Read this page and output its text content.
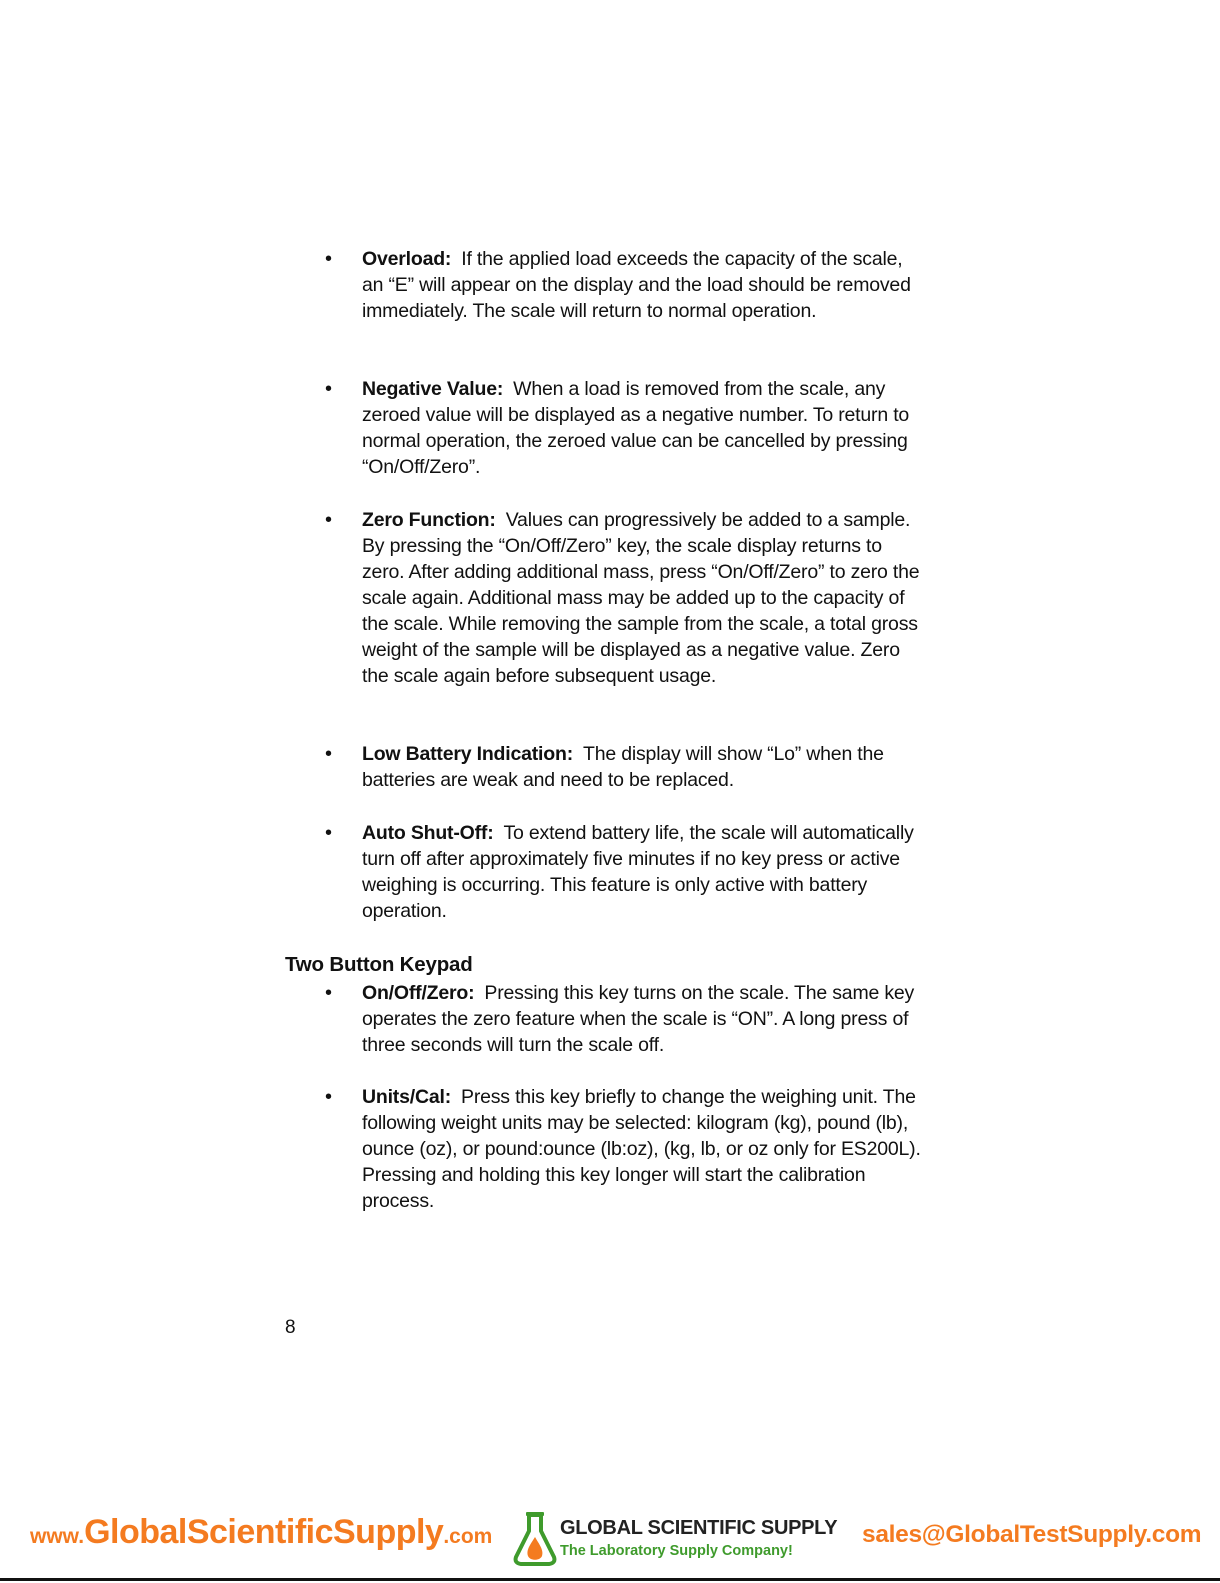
• Overload: If the applied load exceeds the capacity of the scale, an “E” will appear on the display and the load should be removed immediately. The scale will return to normal operation.
• Negative Value: When a load is removed from the scale, any zeroed value will be displayed as a negative number. To return to normal operation, the zeroed value can be cancelled by pressing “On/Off/Zero”.
• Zero Function: Values can progressively be added to a sample. By pressing the “On/Off/Zero” key, the scale display returns to zero. After adding additional mass, press “On/Off/Zero” to zero the scale again. Additional mass may be added up to the capacity of the scale. While removing the sample from the scale, a total gross weight of the sample will be displayed as a negative value. Zero the scale again before subsequent usage.
• Low Battery Indication: The display will show “Lo” when the batteries are weak and need to be replaced.
• Auto Shut-Off: To extend battery life, the scale will automatically turn off after approximately five minutes if no key press or active weighing is occurring. This feature is only active with battery operation.
Two Button Keypad
• On/Off/Zero: Pressing this key turns on the scale. The same key operates the zero feature when the scale is “ON”. A long press of three seconds will turn the scale off.
• Units/Cal: Press this key briefly to change the weighing unit. The following weight units may be selected: kilogram (kg), pound (lb), ounce (oz), or pound:ounce (lb:oz), (kg, lb, or oz only for ES200L). Pressing and holding this key longer will start the calibration process.
8
www.GlobalScientificSupply.com	GLOBAL SCIENTIFIC SUPPLY
The Laboratory Supply Company!
sales@GlobalTestSupply.com
